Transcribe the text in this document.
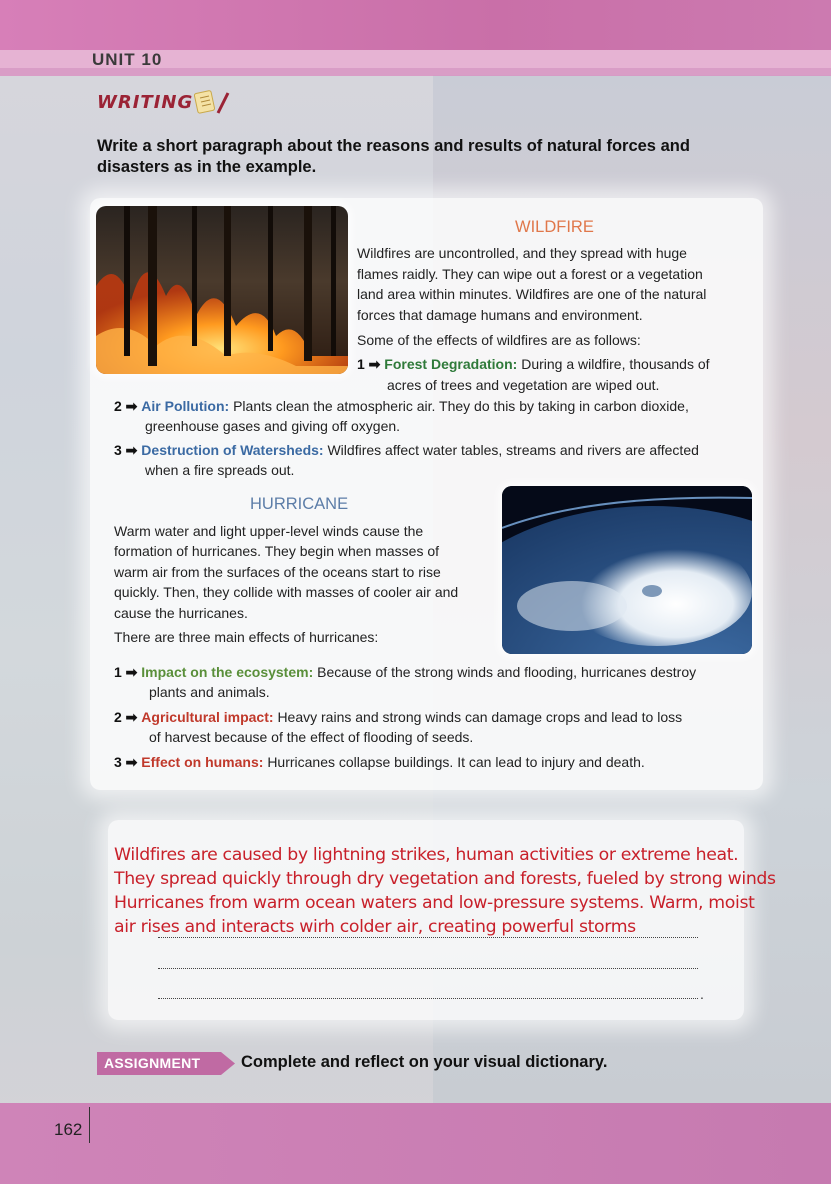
UNIT 10
WRITING
Write a short paragraph about the reasons and results of natural forces and disasters as in the example.
WILDFIRE

Wildfires are uncontrolled, and they spread with huge

flames raidly. They can wipe out a forest or a vegetation

land area within minutes. Wildfires are one of the natural

forces that damage humans and environment.

Some of the effects of wildfires are as follows:

1 ➡ Forest Degradation: During a wildfire, thousands of

acres of trees and vegetation are wiped out.

2 ➡ Air Pollution: Plants clean the atmospheric air. They do this by taking in carbon dioxide,

greenhouse gases and giving off oxygen.

3 ➡ Destruction of Watersheds: Wildfires affect water tables, streams and rivers are affected

when a fire spreads out.

HURRICANE

Warm water and light upper-level winds cause the

formation of hurricanes. They begin when masses of

warm air from the surfaces of the oceans start to rise

quickly. Then, they collide with masses of cooler air and

cause the hurricanes.

There are three main effects of hurricanes:

1 ➡ Impact on the ecosystem: Because of the strong winds and flooding, hurricanes destroy

plants and animals.

2 ➡ Agricultural impact: Heavy rains and strong winds can damage crops and lead to loss

of harvest because of the effect of flooding of seeds.

3 ➡ Effect on humans: Hurricanes collapse buildings. It can lead to injury and death.

.

Wildfires are caused by lightning strikes, human activities or extreme heat.
They spread quickly through dry vegetation and forests, fueled by strong winds
Hurricanes from warm ocean waters and low-pressure systems. Warm, moist
air rises and interacts wirh colder air, creating powerful storms

ASSIGNMENT Complete and reflect on your visual dictionary.
162
